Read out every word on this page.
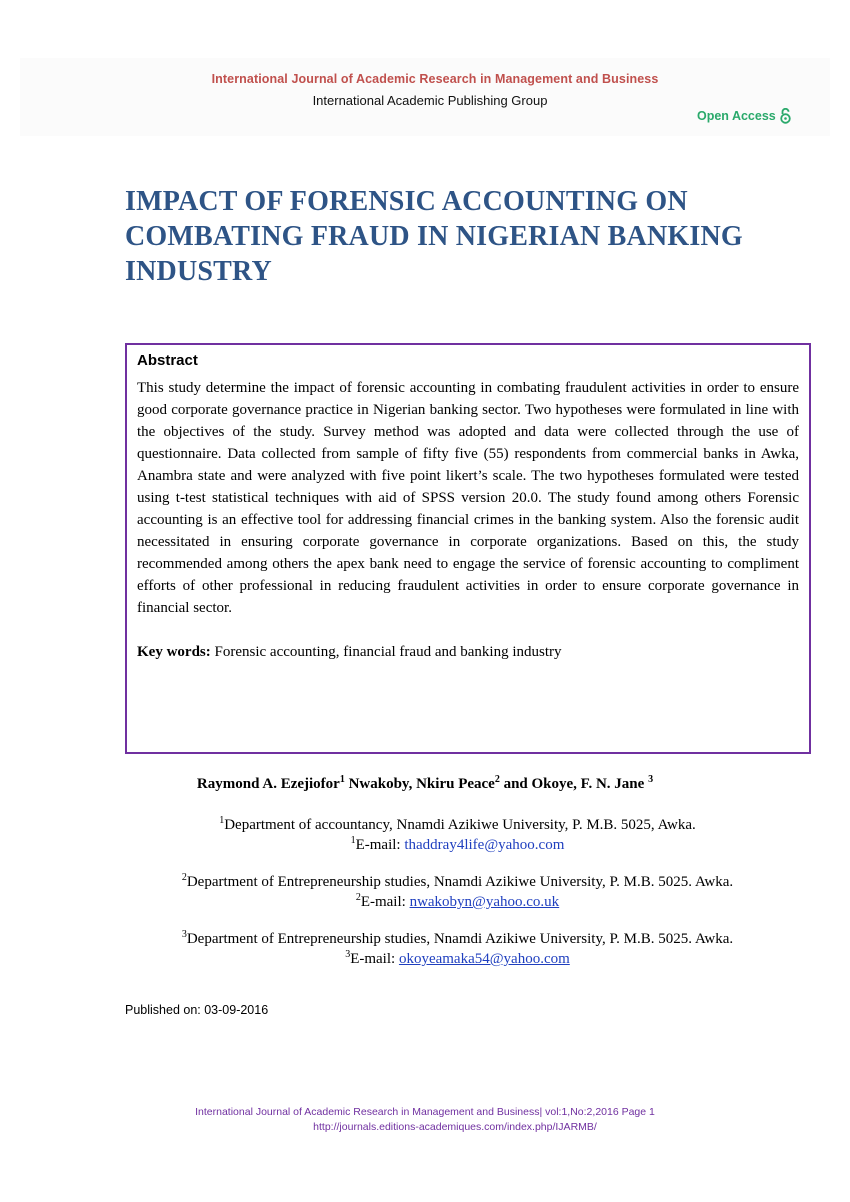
International Journal of Academic Research in Management and Business
International Academic Publishing Group
Open Access
IMPACT OF FORENSIC ACCOUNTING ON COMBATING FRAUD IN NIGERIAN BANKING INDUSTRY
Abstract

This study determine the impact of forensic accounting in combating fraudulent activities in order to ensure good corporate governance practice in Nigerian banking sector. Two hypotheses were formulated in line with the objectives of the study. Survey method was adopted and data were collected through the use of questionnaire. Data collected from sample of fifty five (55) respondents from commercial banks in Awka, Anambra state and were analyzed with five point likert’s scale. The two hypotheses formulated were tested using t-test statistical techniques with aid of SPSS version 20.0. The study found among others Forensic accounting is an effective tool for addressing financial crimes in the banking system. Also the forensic audit necessitated in ensuring corporate governance in corporate organizations. Based on this, the study recommended among others the apex bank need to engage the service of forensic accounting to compliment efforts of other professional in reducing fraudulent activities in order to ensure corporate governance in financial sector.

Key words: Forensic accounting, financial fraud and banking industry

Raymond A. Ezejiofor$^1$ Nwakoby, Nkiru Peace$^2$ and Okoye, F. N. Jane $^3$
$^1$Department of accountancy, Nnamdi Azikiwe University, P. M.B. 5025, Awka.
$^1$E-mail: thaddray4life@yahoo.com
$^2$Department of Entrepreneurship studies, Nnamdi Azikiwe University, P. M.B. 5025. Awka.
$^2$E-mail: nwakobyn@yahoo.co.uk
$^3$Department of Entrepreneurship studies, Nnamdi Azikiwe University, P. M.B. 5025. Awka.
$^3$E-mail: okoyeamaka54@yahoo.com
Published on: 03-09-2016
International Journal of Academic Research in Management and Business| vol:1,No:2,2016 Page 1
http://journals.editions-academiques.com/index.php/IJARMB/
